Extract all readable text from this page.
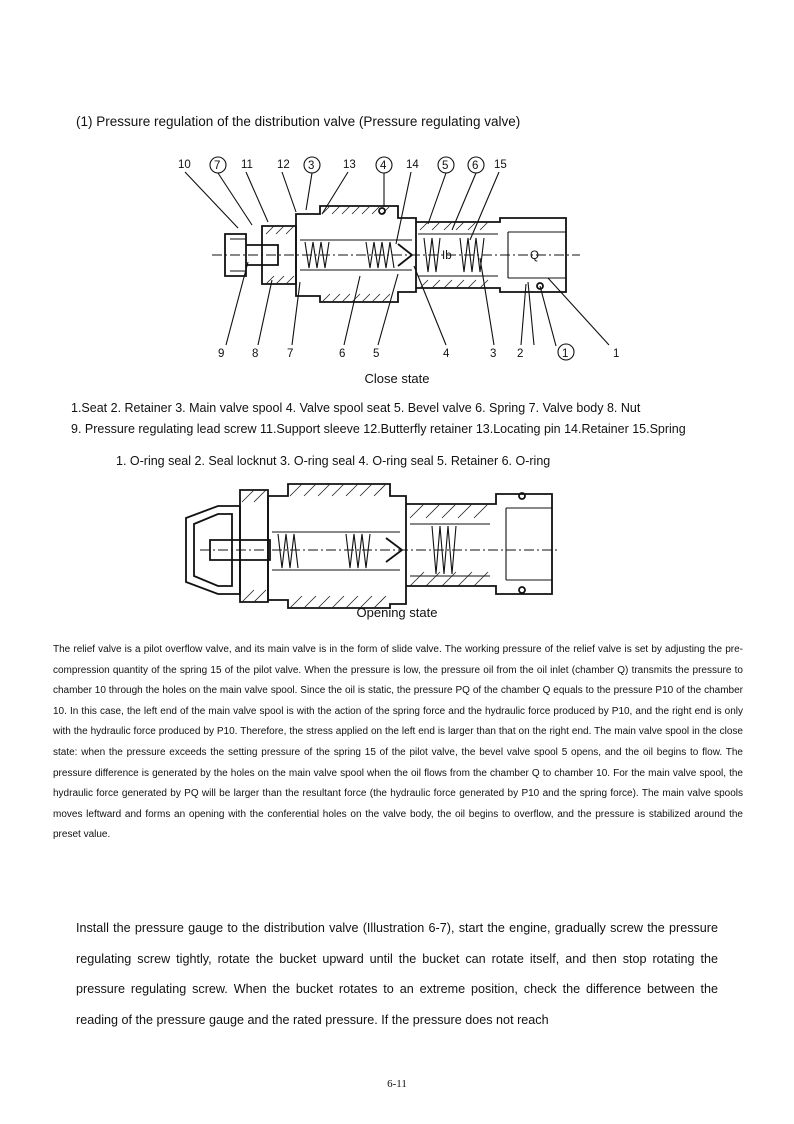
(1) Pressure regulation of the distribution valve (Pressure regulating valve)
10 7 11 12 3 13 4 14 5 6 15
9 8 7	6 5	4	3 2	1	1
Ib	Q
Close state
1.Seat 2. Retainer 3. Main valve spool 4. Valve spool seat 5. Bevel valve 6. Spring 7. Valve body 8. Nut
9. Pressure regulating lead screw 11.Support sleeve 12.Butterfly retainer 13.Locating pin 14.Retainer 15.Spring
1. O-ring seal 2. Seal locknut 3. O-ring seal 4. O-ring seal 5. Retainer 6. O-ring
Opening state
The relief valve is a pilot overflow valve, and its main valve is in the form of slide valve. The working pressure of the relief valve is set by adjusting the pre-compression quantity of the spring 15 of the pilot valve. When the pressure is low, the pressure oil from the oil inlet (chamber Q) transmits the pressure to chamber 10 through the holes on the main valve spool. Since the oil is static, the pressure PQ of the chamber Q equals to the pressure P10 of the chamber 10. In this case, the left end of the main valve spool is with the action of the spring force and the hydraulic force produced by P10, and the right end is only with the hydraulic force produced by P10. Therefore, the stress applied on the left end is larger than that on the right end. The main valve spool in the close state: when the pressure exceeds the setting pressure of the spring 15 of the pilot valve, the bevel valve spool 5 opens, and the oil begins to flow. The pressure difference is generated by the holes on the main valve spool when the oil flows from the chamber Q to chamber 10. For the main valve spool, the hydraulic force generated by PQ will be larger than the resultant force (the hydraulic force generated by P10 and the spring force). The main valve spools moves leftward and forms an opening with the conferential holes on the valve body, the oil begins to overflow, and the pressure is stabilized around the preset value.
Install the pressure gauge to the distribution valve (Illustration 6-7), start the engine, gradually screw the pressure regulating screw tightly, rotate the bucket upward until the bucket can rotate itself, and then stop rotating the pressure regulating screw. When the bucket rotates to an extreme position, check the difference between the reading of the pressure gauge and the rated pressure. If the pressure does not reach
6-11
